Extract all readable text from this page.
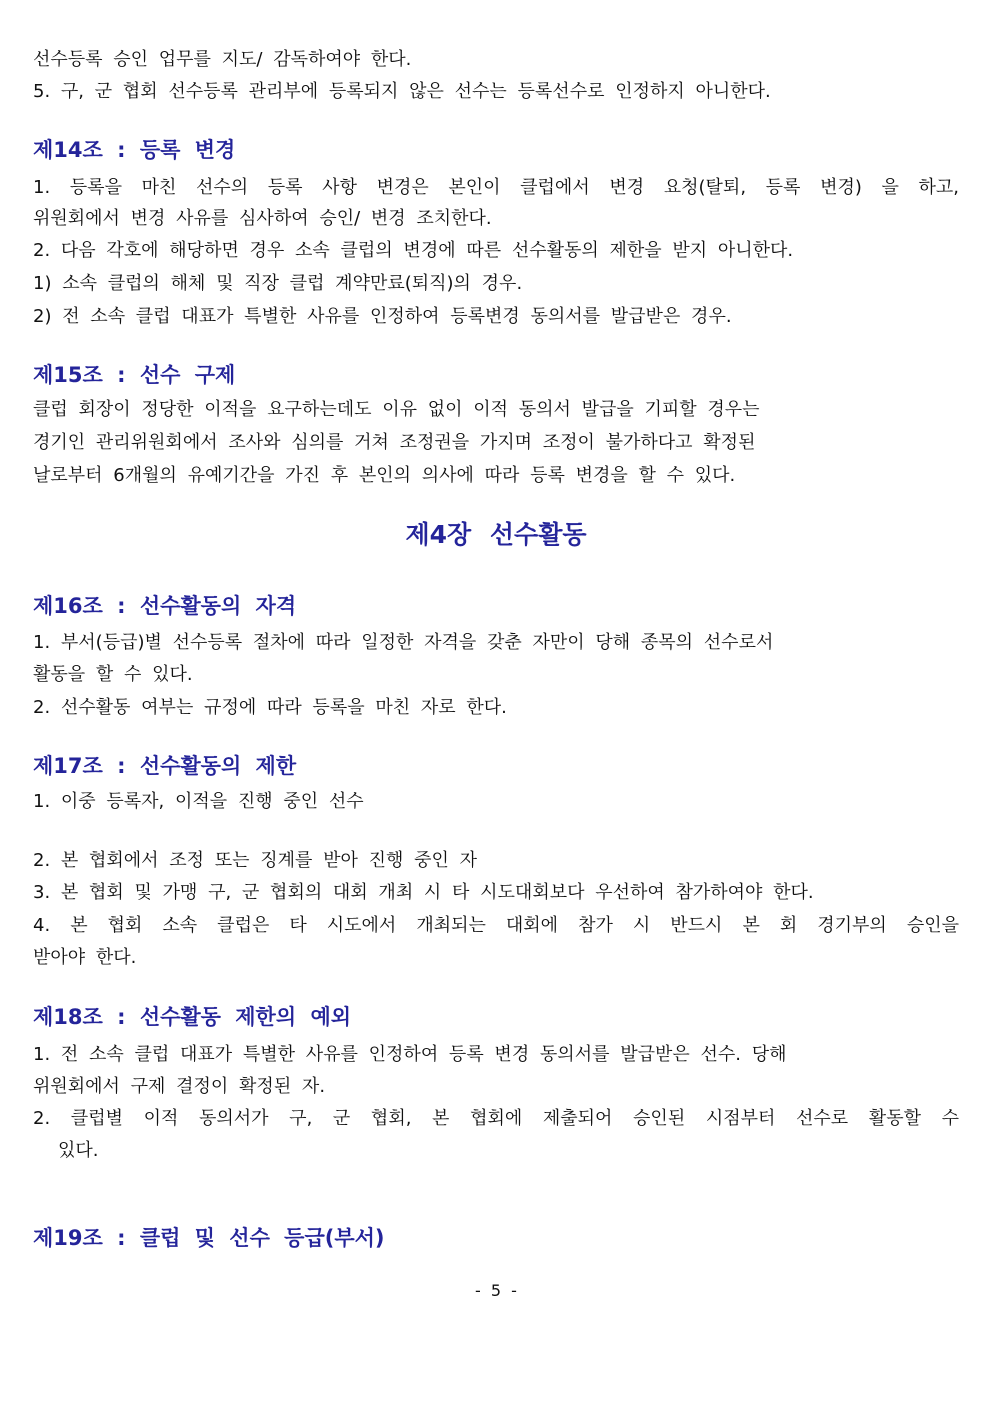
선수등록 승인 업무를 지도/ 감독하여야 한다.

5. 구, 군 협회 선수등록 관리부에 등록되지 않은 선수는 등록선수로 인정하지 아니한다.

제14조 : 등록 변경

1. 등록을 마친 선수의 등록 사항 변경은 본인이 클럽에서 변경 요청(탈퇴, 등록 변경) 을 하고,

위원회에서 변경 사유를 심사하여 승인/ 변경 조치한다.

2. 다음 각호에 해당하면 경우 소속 클럽의 변경에 따른 선수활동의 제한을 받지 아니한다.

1) 소속 클럽의 해체 및 직장 클럽 계약만료(퇴직)의 경우.

2) 전 소속 클럽 대표가 특별한 사유를 인정하여 등록변경 동의서를 발급받은 경우.

제15조 : 선수 구제

클럽 회장이 정당한 이적을 요구하는데도 이유 없이 이적 동의서 발급을 기피할 경우는

경기인 관리위원회에서 조사와 심의를 거쳐 조정권을 가지며 조정이 불가하다고 확정된

날로부터 6개월의 유예기간을 가진 후 본인의 의사에 따라 등록 변경을 할 수 있다.

제4장 선수활동
제16조 : 선수활동의 자격

1. 부서(등급)별 선수등록 절차에 따라 일정한 자격을 갖춘 자만이 당해 종목의 선수로서

활동을 할 수 있다.

2. 선수활동 여부는 규정에 따라 등록을 마친 자로 한다.

제17조 : 선수활동의 제한

1. 이중 등록자, 이적을 진행 중인 선수

2. 본 협회에서 조정 또는 징계를 받아 진행 중인 자

3. 본 협회 및 가맹 구, 군 협회의 대회 개최 시 타 시도대회보다 우선하여 참가하여야 한다.

4. 본 협회 소속 클럽은 타 시도에서 개최되는 대회에 참가 시 반드시 본 회 경기부의 승인을

받아야 한다.

제18조 : 선수활동 제한의 예외

1. 전 소속 클럽 대표가 특별한 사유를 인정하여 등록 변경 동의서를 발급받은 선수. 당해

위원회에서 구제 결정이 확정된 자.

2. 클럽별 이적 동의서가 구, 군 협회, 본 협회에 제출되어 승인된 시점부터 선수로 활동할 수

있다.

제19조 : 클럽 및 선수 등급(부서)
- 5 -
